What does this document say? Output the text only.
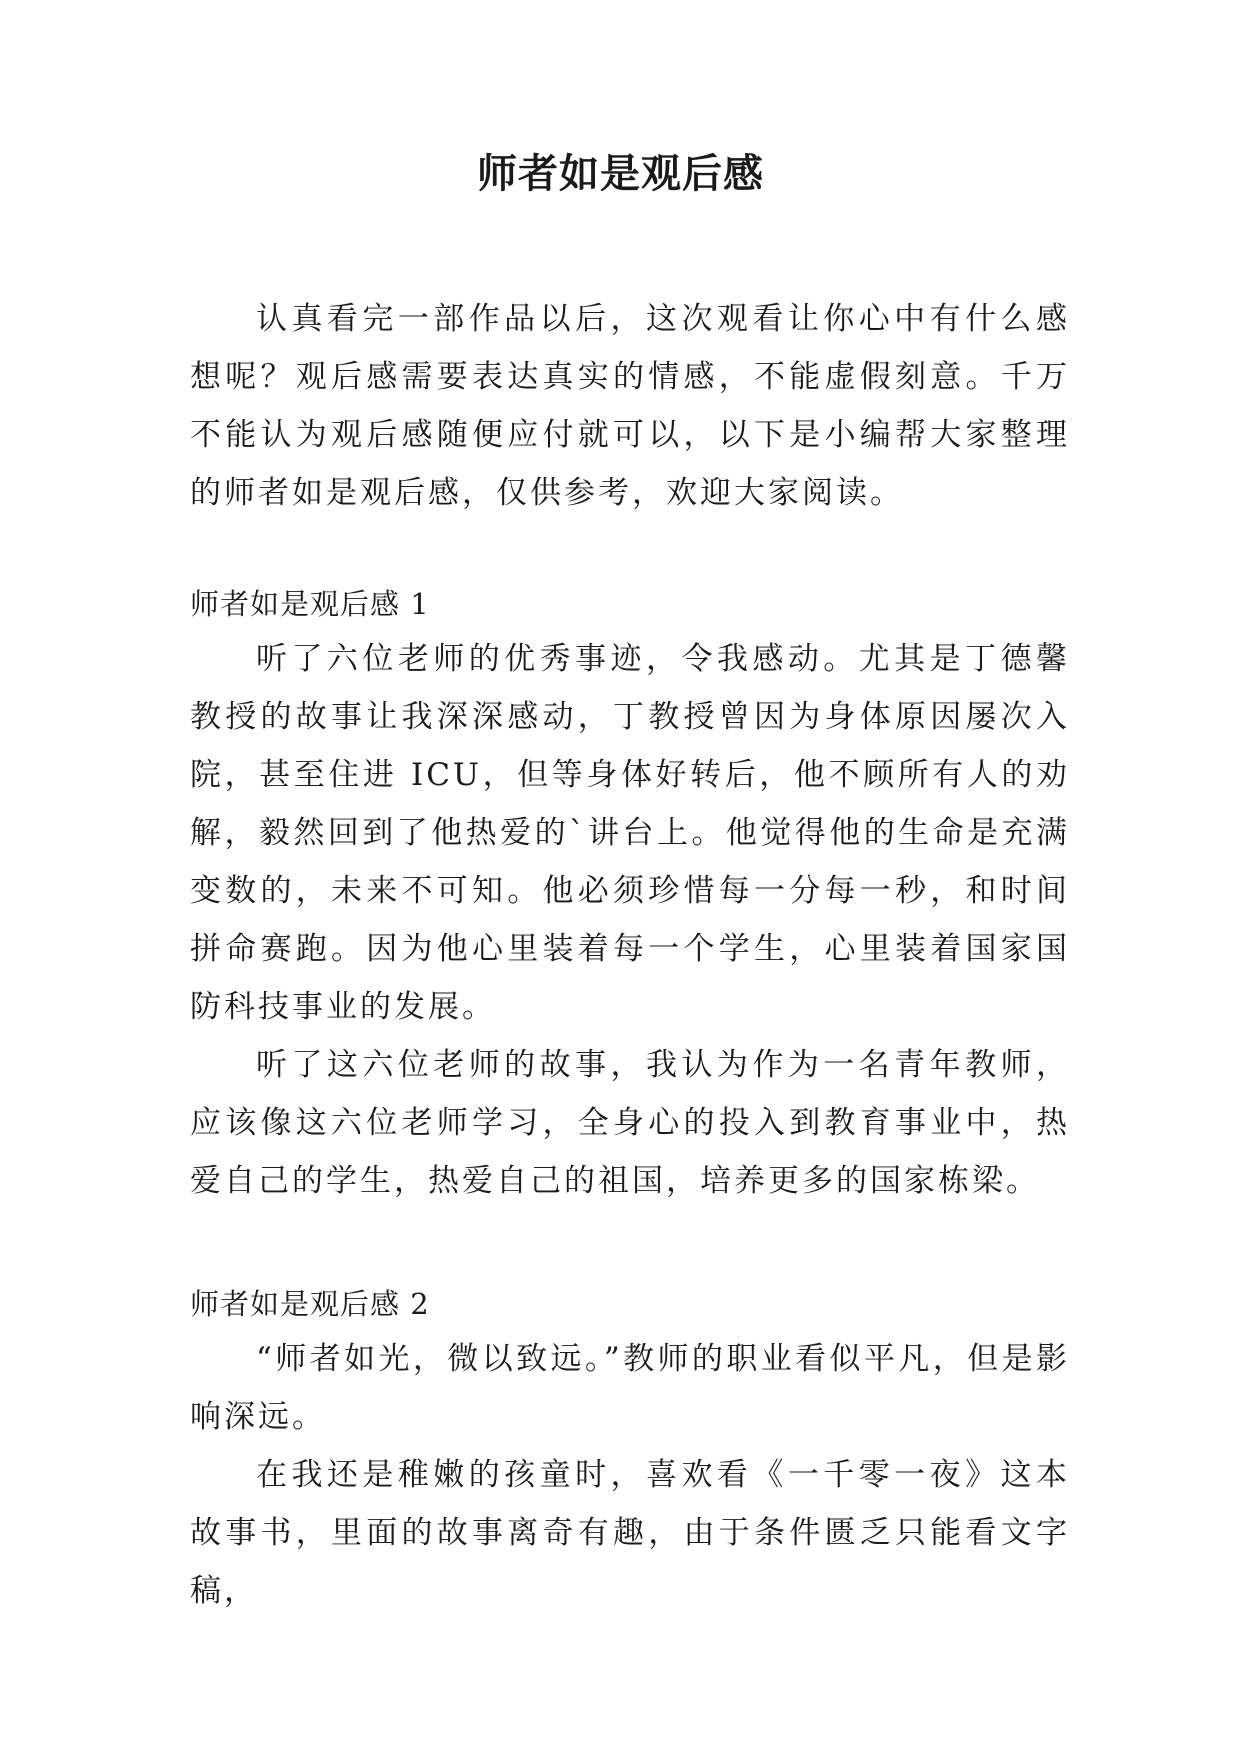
师者如是观后感

认真看完一部作品以后，这次观看让你心中有什么感想呢？观后感需要表达真实的情感，不能虚假刻意。千万不能认为观后感随便应付就可以，以下是小编帮大家整理的师者如是观后感，仅供参考，欢迎大家阅读。

师者如是观后感 1

听了六位老师的优秀事迹，令我感动。尤其是丁德馨教授的故事让我深深感动，丁教授曾因为身体原因屡次入院，甚至住进 ICU，但等身体好转后，他不顾所有人的劝解，毅然回到了他热爱的`讲台上。他觉得他的生命是充满变数的，未来不可知。他必须珍惜每一分每一秒，和时间拼命赛跑。因为他心里装着每一个学生，心里装着国家国防科技事业的发展。

听了这六位老师的故事，我认为作为一名青年教师，应该像这六位老师学习，全身心的投入到教育事业中，热爱自己的学生，热爱自己的祖国，培养更多的国家栋梁。

师者如是观后感 2

“师者如光，微以致远。”教师的职业看似平凡，但是影响深远。

在我还是稚嫩的孩童时，喜欢看《一千零一夜》这本故事书，里面的故事离奇有趣，由于条件匮乏只能看文字稿，
